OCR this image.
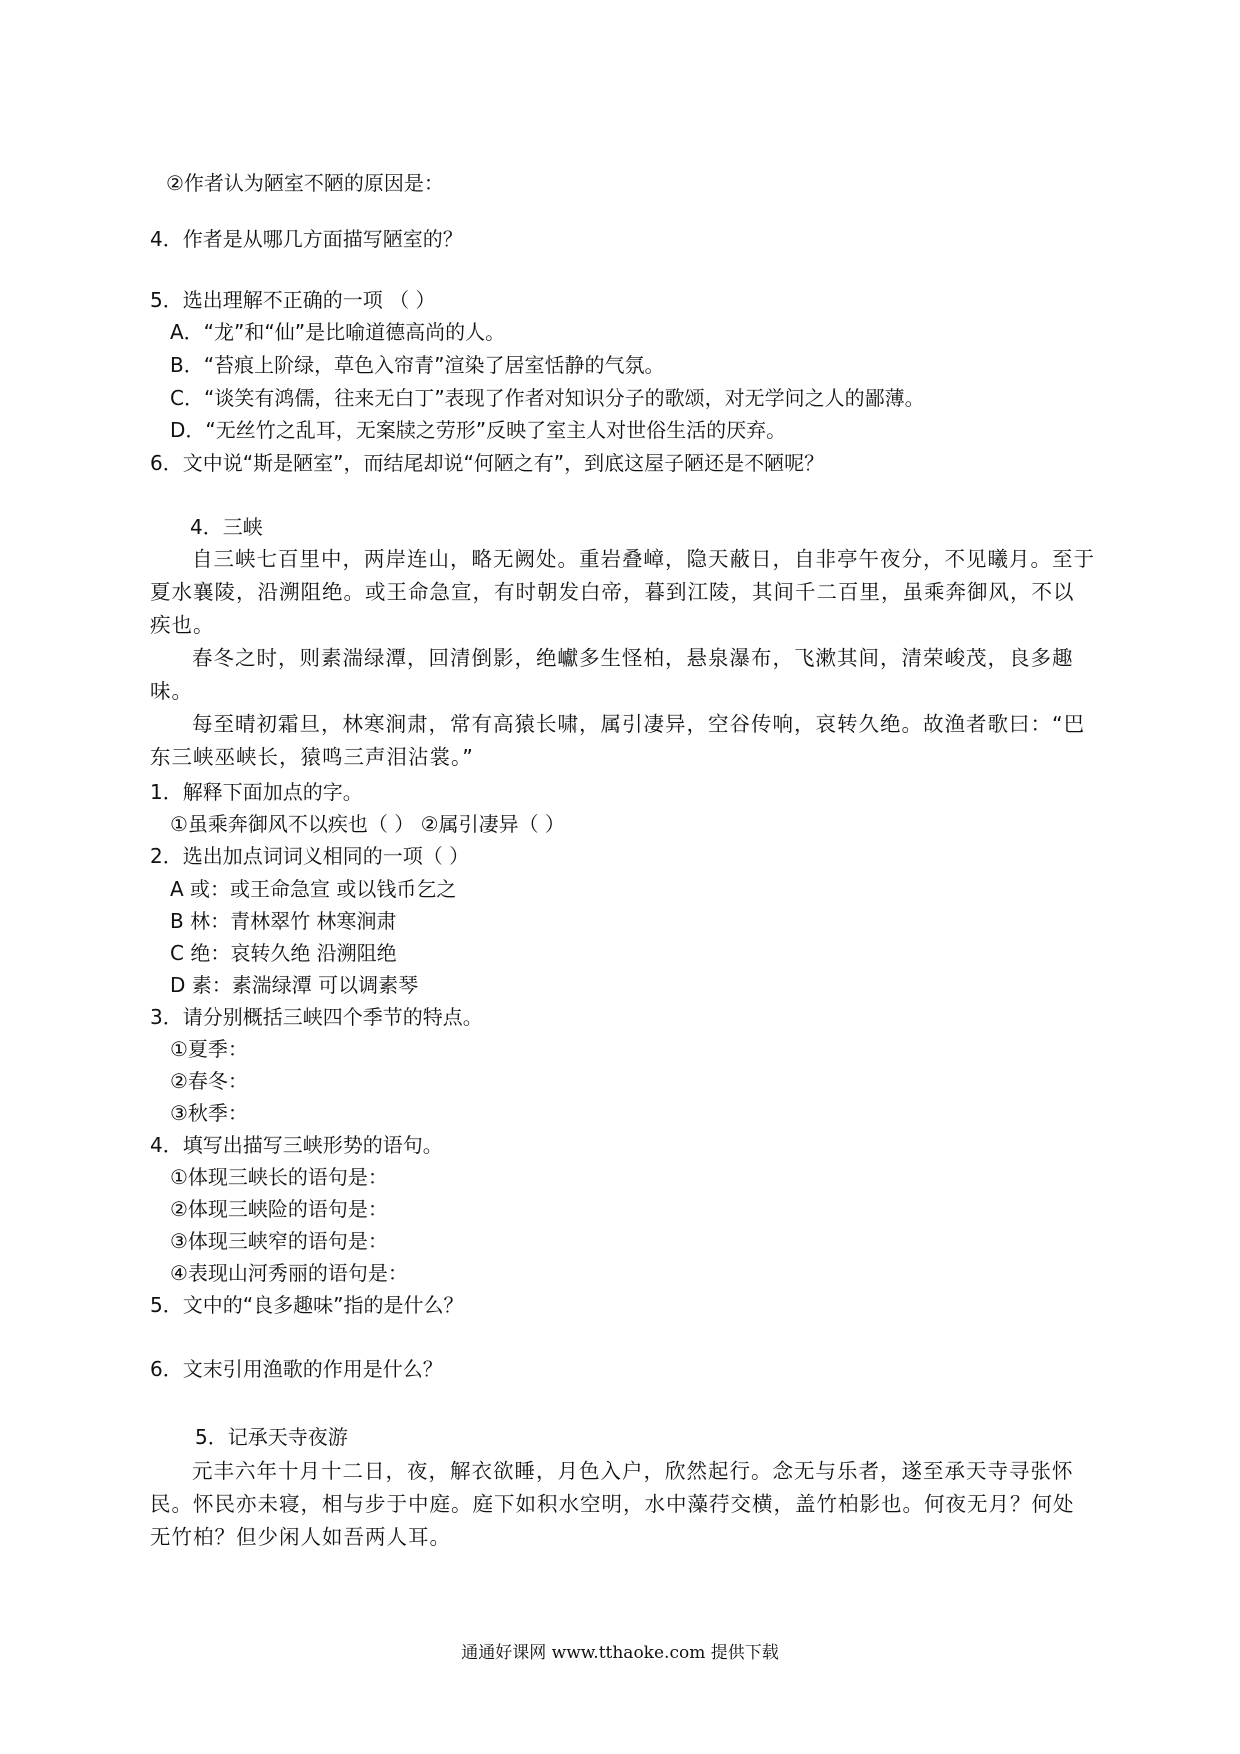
②作者认为陋室不陋的原因是：
4．作者是从哪几方面描写陋室的？
5．选出理解不正确的一项 （ ）
A．“龙”和“仙”是比喻道德高尚的人。
B．“苔痕上阶绿，草色入帘青”渲染了居室恬静的气氛。
C．“谈笑有鸿儒，往来无白丁”表现了作者对知识分子的歌颂，对无学问之人的鄙薄。
D．“无丝竹之乱耳，无案牍之劳形”反映了室主人对世俗生活的厌弃。
6．文中说“斯是陋室”，而结尾却说“何陋之有”，到底这屋子陋还是不陋呢？
4．三峡
自三峡七百里中，两岸连山，略无阙处。重岩叠嶂，隐天蔽日，自非亭午夜分，不见曦月。至于夏水襄陵，沿溯阻绝。或王命急宣，有时朝发白帝，暮到江陵，其间千二百里，虽乘奔御风，不以疾也。
春冬之时，则素湍绿潭，回清倒影，绝巘多生怪柏，悬泉瀑布，飞漱其间，清荣峻茂，良多趣味。
每至晴初霜旦，林寒涧肃，常有高猿长啸，属引凄异，空谷传响，哀转久绝。故渔者歌曰：“巴东三峡巫峡长，猿鸣三声泪沾裳。”
1．解释下面加点的字。
①虽乘奔御风不以疾也（ ） ②属引凄异（ ）
2．选出加点词词义相同的一项（ ）
A 或：或王命急宣 或以钱币乞之
B 林：青林翠竹 林寒涧肃
C 绝：哀转久绝 沿溯阻绝
D 素：素湍绿潭 可以调素琴
3．请分别概括三峡四个季节的特点。
①夏季：
②春冬：
③秋季：
4．填写出描写三峡形势的语句。
①体现三峡长的语句是：
②体现三峡险的语句是：
③体现三峡窄的语句是：
④表现山河秀丽的语句是：
5．文中的“良多趣味”指的是什么？
6．文末引用渔歌的作用是什么？
5．记承天寺夜游
元丰六年十月十二日，夜，解衣欲睡，月色入户，欣然起行。念无与乐者，遂至承天寺寻张怀民。怀民亦未寝，相与步于中庭。庭下如积水空明，水中藻荇交横，盖竹柏影也。何夜无月？何处无竹柏？但少闲人如吾两人耳。
通通好课网 www.tthaoke.com 提供下载
